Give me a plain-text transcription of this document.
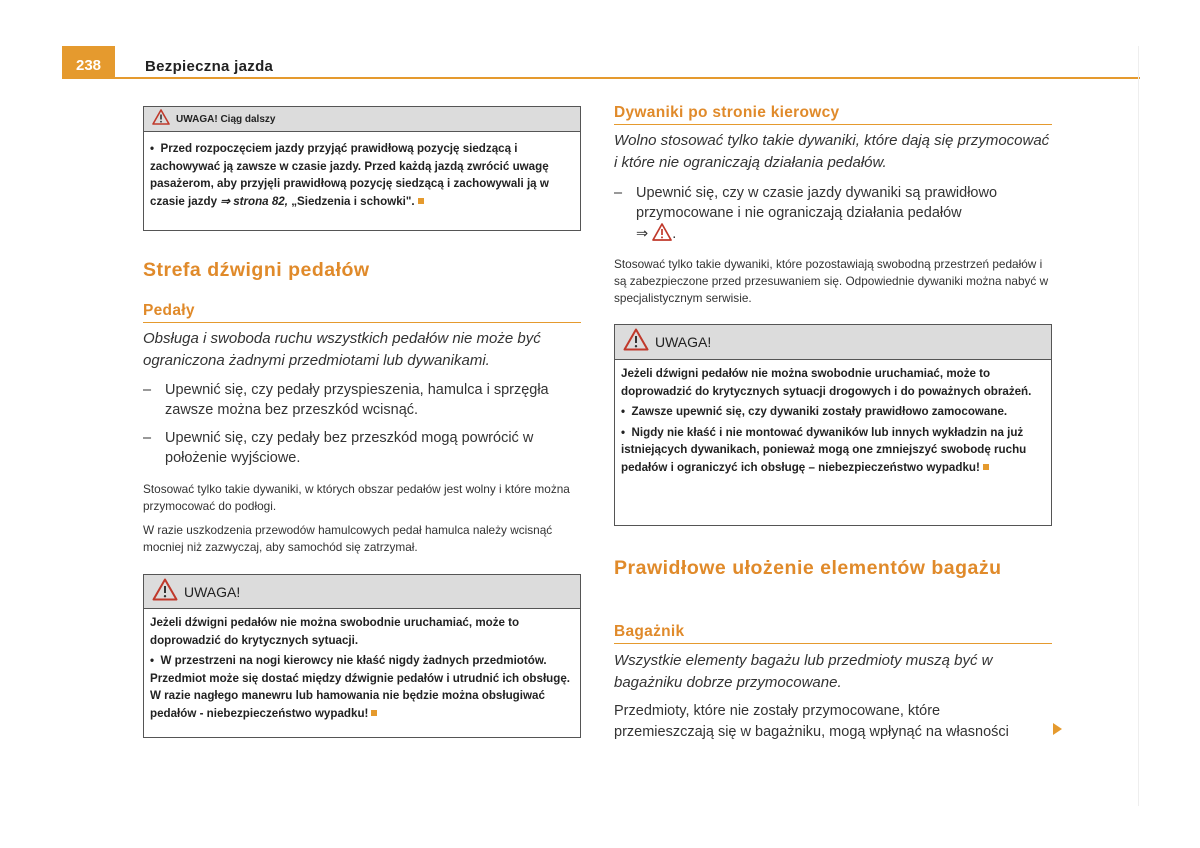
238	Bezpieczna jazda
UWAGA! Ciąg dalszy

• Przed rozpoczęciem jazdy przyjąć prawidłową pozycję siedzącą i zachowywać ją zawsze w czasie jazdy. Przed każdą jazdą zwrócić uwagę pasażerom, aby przyjęli prawidłową pozycję siedzącą i zachowywali ją w czasie jazdy ⇒ strona 82, „Siedzenia i schowki".

Strefa dźwigni pedałów
Pedały
Obsługa i swoboda ruchu wszystkich pedałów nie może być ograniczona żadnymi przedmiotami lub dywanikami.
– Upewnić się, czy pedały przyspieszenia, hamulca i sprzęgła zawsze można bez przeszkód wcisnąć.
– Upewnić się, czy pedały bez przeszkód mogą powrócić w położenie wyjściowe.
Stosować tylko takie dywaniki, w których obszar pedałów jest wolny i które można przymocować do podłogi.
W razie uszkodzenia przewodów hamulcowych pedał hamulca należy wcisnąć mocniej niż zazwyczaj, aby samochód się zatrzymał.
UWAGA!

Jeżeli dźwigni pedałów nie można swobodnie uruchamiać, może to doprowadzić do krytycznych sytuacji.

• W przestrzeni na nogi kierowcy nie kłaść nigdy żadnych przedmiotów. Przedmiot może się dostać między dźwignie pedałów i utrudnić ich obsługę. W razie nagłego manewru lub hamowania nie będzie można obsługiwać pedałów - niebezpieczeństwo wypadku!

Dywaniki po stronie kierowcy
Wolno stosować tylko takie dywaniki, które dają się przymocować i które nie ograniczają działania pedałów.
– Upewnić się, czy w czasie jazdy dywaniki są prawidłowo przymocowane i nie ograniczają działania pedałów
⇒ .
Stosować tylko takie dywaniki, które pozostawiają swobodną przestrzeń pedałów i są zabezpieczone przed przesuwaniem się. Odpowiednie dywaniki można nabyć w specjalistycznym serwisie.
UWAGA!

Jeżeli dźwigni pedałów nie można swobodnie uruchamiać, może to doprowadzić do krytycznych sytuacji drogowych i do poważnych obrażeń.

• Zawsze upewnić się, czy dywaniki zostały prawidłowo zamocowane.

• Nigdy nie kłaść i nie montować dywaników lub innych wykładzin na już istniejących dywanikach, ponieważ mogą one zmniejszyć swobodę ruchu pedałów i ograniczyć ich obsługę – niebezpieczeństwo wypadku!

Prawidłowe ułożenie elementów bagażu
Bagażnik
Wszystkie elementy bagażu lub przedmioty muszą być w bagażniku dobrze przymocowane.
Przedmioty, które nie zostały przymocowane, które przemieszczają się w bagażniku, mogą wpłynąć na własności
